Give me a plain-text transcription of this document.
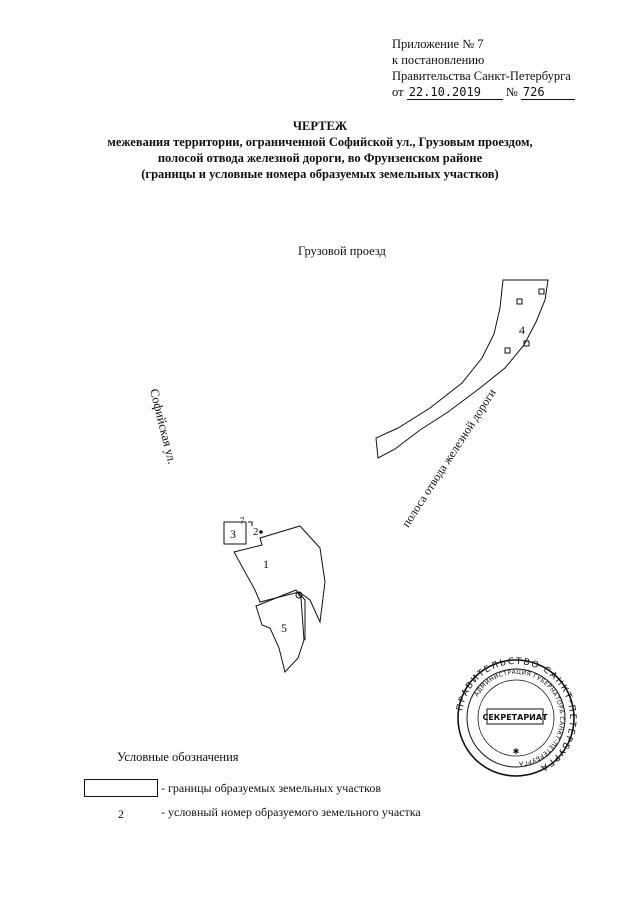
Приложение № 7
к постановлению
Правительства Санкт-Петербурга
от 22.10.2019 № 726
ЧЕРТЕЖ
межевания территории, ограниченной Софийской ул., Грузовым проездом,
полосой отвода железной дороги, во Фрунзенском районе
(границы и условные номера образуемых земельных участков)
Софийская ул.	полоса отвода железной дороги
Грузовой проезд
1
2
3
4
5
7
ПРАВИТЕЛЬСТВО САНКТ-ПЕТЕРБУРГА
АДМИНИСТРАЦИЯ ГУБЕРНАТОРА САНКТ-ПЕТЕРБУРГА
СЕКРЕТАРИАТ
✱
Условные обозначения
- границы образуемых земельных участков
2	- условный номер образуемого земельного участка
